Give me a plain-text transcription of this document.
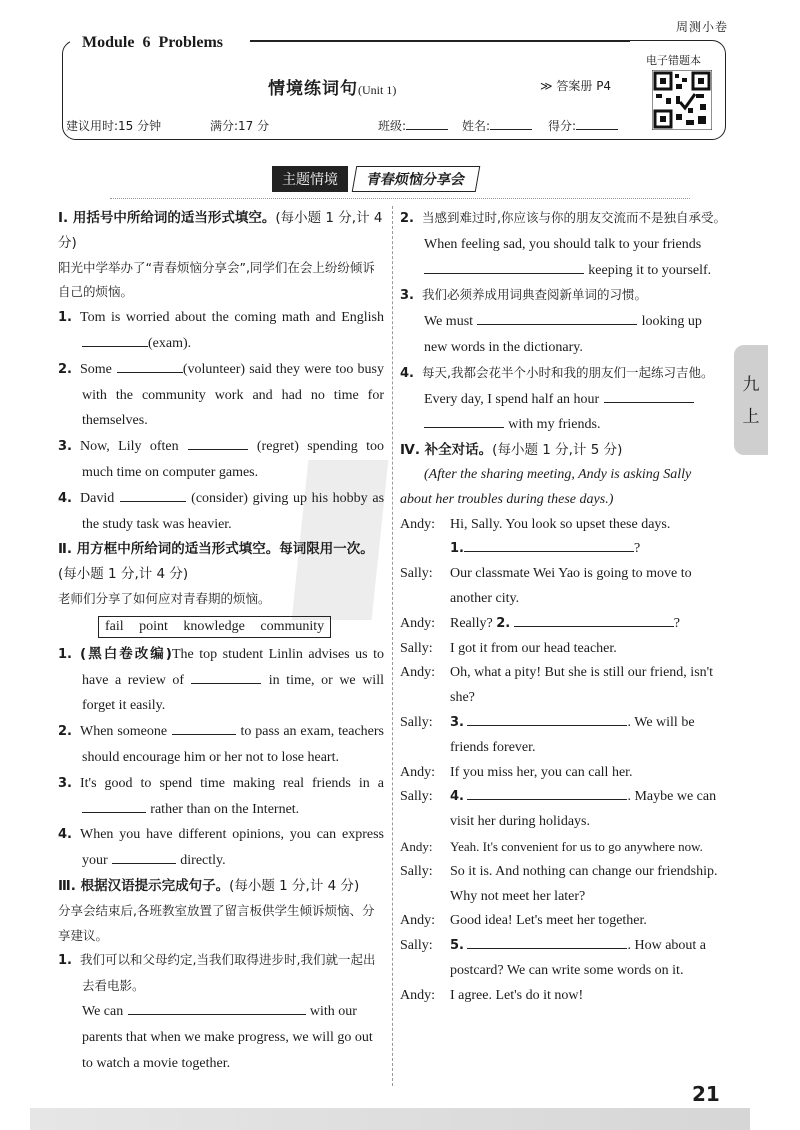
周测小卷
Module 6 Problems
电子错题本
情境练词句(Unit 1)	≫ 答案册 P4
建议用时:15 分钟	满分:17 分	班级:	姓名:	得分:
主题情境	青春烦恼分享会
Ⅰ. 用括号中所给词的适当形式填空。(每小题 1 分,计 4 分)
阳光中学举办了“青春烦恼分享会”,同学们在会上纷纷倾诉自己的烦恼。
1. Tom is worried about the coming math and English (exam).
2. Some	(volunteer) said they were too busy with the community work and had no time for themselves.
3. Now, Lily often	(regret) spending too much time on computer games.
4. David	(consider) giving up his hobby as the study task was heavier.
Ⅱ. 用方框中所给词的适当形式填空。每词限用一次。(每小题 1 分,计 4 分)
老师们分享了如何应对青春期的烦恼。
fail point knowledge community
1. (黑白卷改编)The top student Linlin advises us to have a review of	in time, or we will forget it easily.
2. When someone	to pass an exam, teachers should encourage him or her not to lose heart.
3. It's good to spend time making real friends in a  rather than on the Internet.
4. When you have different opinions, you can express your	directly.
Ⅲ. 根据汉语提示完成句子。(每小题 1 分,计 4 分)
分享会结束后,各班教室放置了留言板供学生倾诉烦恼、分享建议。
1. 我们可以和父母约定,当我们取得进步时,我们就一起出去看电影。
We can	with our parents that when we make progress, we will go out to watch a movie together.
2. 当感到难过时,你应该与你的朋友交流而不是独自承受。
When feeling sad, you should talk to your friends  keeping it to yourself.
3. 我们必须养成用词典查阅新单词的习惯。
We must	looking up new words in the dictionary.
4. 每天,我都会花半个小时和我的朋友们一起练习吉他。
Every day, I spend half an hour
with my friends.
Ⅳ. 补全对话。(每小题 1 分,计 5 分)
(After the sharing meeting, Andy is asking Sally about her troubles during these days.)
Andy: Hi, Sally. You look so upset these days.
1.	?
Sally: Our classmate Wei Yao is going to move to another city.
Andy: Really? 2.	?
Sally: I got it from our head teacher.
Andy: Oh, what a pity! But she is still our friend, isn't she?
Sally: 3.	. We will be friends forever.
Andy: If you miss her, you can call her.
Sally: 4.	. Maybe we can visit her during holidays.
Andy: Yeah. It's convenient for us to go anywhere now.
Sally: So it is. And nothing can change our friendship. Why not meet her later?
Andy: Good idea! Let's meet her together.
Sally: 5.	. How about a postcard? We can write some words on it.
Andy: I agree. Let's do it now!
九
上
21
